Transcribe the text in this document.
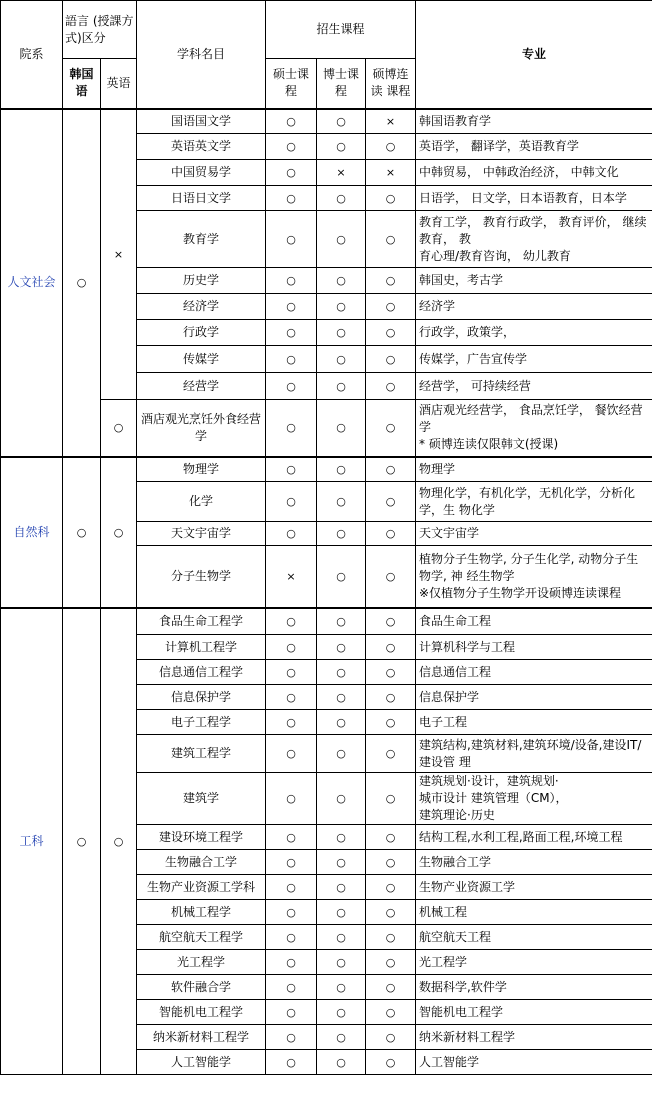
院系	語言 (授課方式)区分		学科名目	招生课程			专业
	韩国语	英语		硕士课程	博士课程	硕博连读 课程	
人文社会	○	×	国语国文学	○	○	×	韩国语教育学
			英语英文学	○	○	○	英语学， 翻译学，英语教育学
			中国贸易学	○	×	×	中韩贸易， 中韩政治经济， 中韩文化
			日语日文学	○	○	○	日语学， 日文学，日本语教育，日本学
			教育学	○	○	○	教育工学， 教育行政学， 教育评价， 继续教育， 教
育心理/教育咨询， 幼儿教育
			历史学	○	○	○	韩国史，考古学
			经济学	○	○	○	经济学
			行政学	○	○	○	行政学，政策学，
			传媒学	○	○	○	传媒学，广告宣传学
			经营学	○	○	○	经营学， 可持续经营
		○	酒店观光烹饪外食经营学	○	○	○	酒店观光经营学， 食品烹饪学， 餐饮经营学
* 硕博连读仅限韩文(授课)
自然科	○	○	物理学	○	○	○	物理学
			化学	○	○	○	物理化学，有机化学，无机化学，分析化学，生 物化学
			天文宇宙学	○	○	○	天文宇宙学
			分子生物学	×	○	○	植物分子生物学, 分子生化学, 动物分子生物学, 神 经生物学
※仅植物分子生物学开设硕博连读课程
工科	○	○	食品生命工程学	○	○	○	食品生命工程
			计算机工程学	○	○	○	计算机科学与工程
			信息通信工程学	○	○	○	信息通信工程
			信息保护学	○	○	○	信息保护学
			电子工程学	○	○	○	电子工程
			建筑工程学	○	○	○	建筑结构,建筑材料,建筑环境/设备,建设IT/建设管 理
			建筑学	○	○	○	建筑规划·设计，建筑规划·
城市设计 建筑管理（CM），
建筑理论·历史
			建设环境工程学	○	○	○	结构工程,水利工程,路面工程,环境工程
			生物融合工学	○	○	○	生物融合工学
			生物产业资源工学科	○	○	○	生物产业资源工学
			机械工程学	○	○	○	机械工程
			航空航天工程学	○	○	○	航空航天工程
			光工程学	○	○	○	光工程学
			软件融合学	○	○	○	数据科学,软件学
			智能机电工程学	○	○	○	智能机电工程学
			纳米新材料工程学	○	○	○	纳米新材料工程学
			人工智能学	○	○	○	人工智能学
